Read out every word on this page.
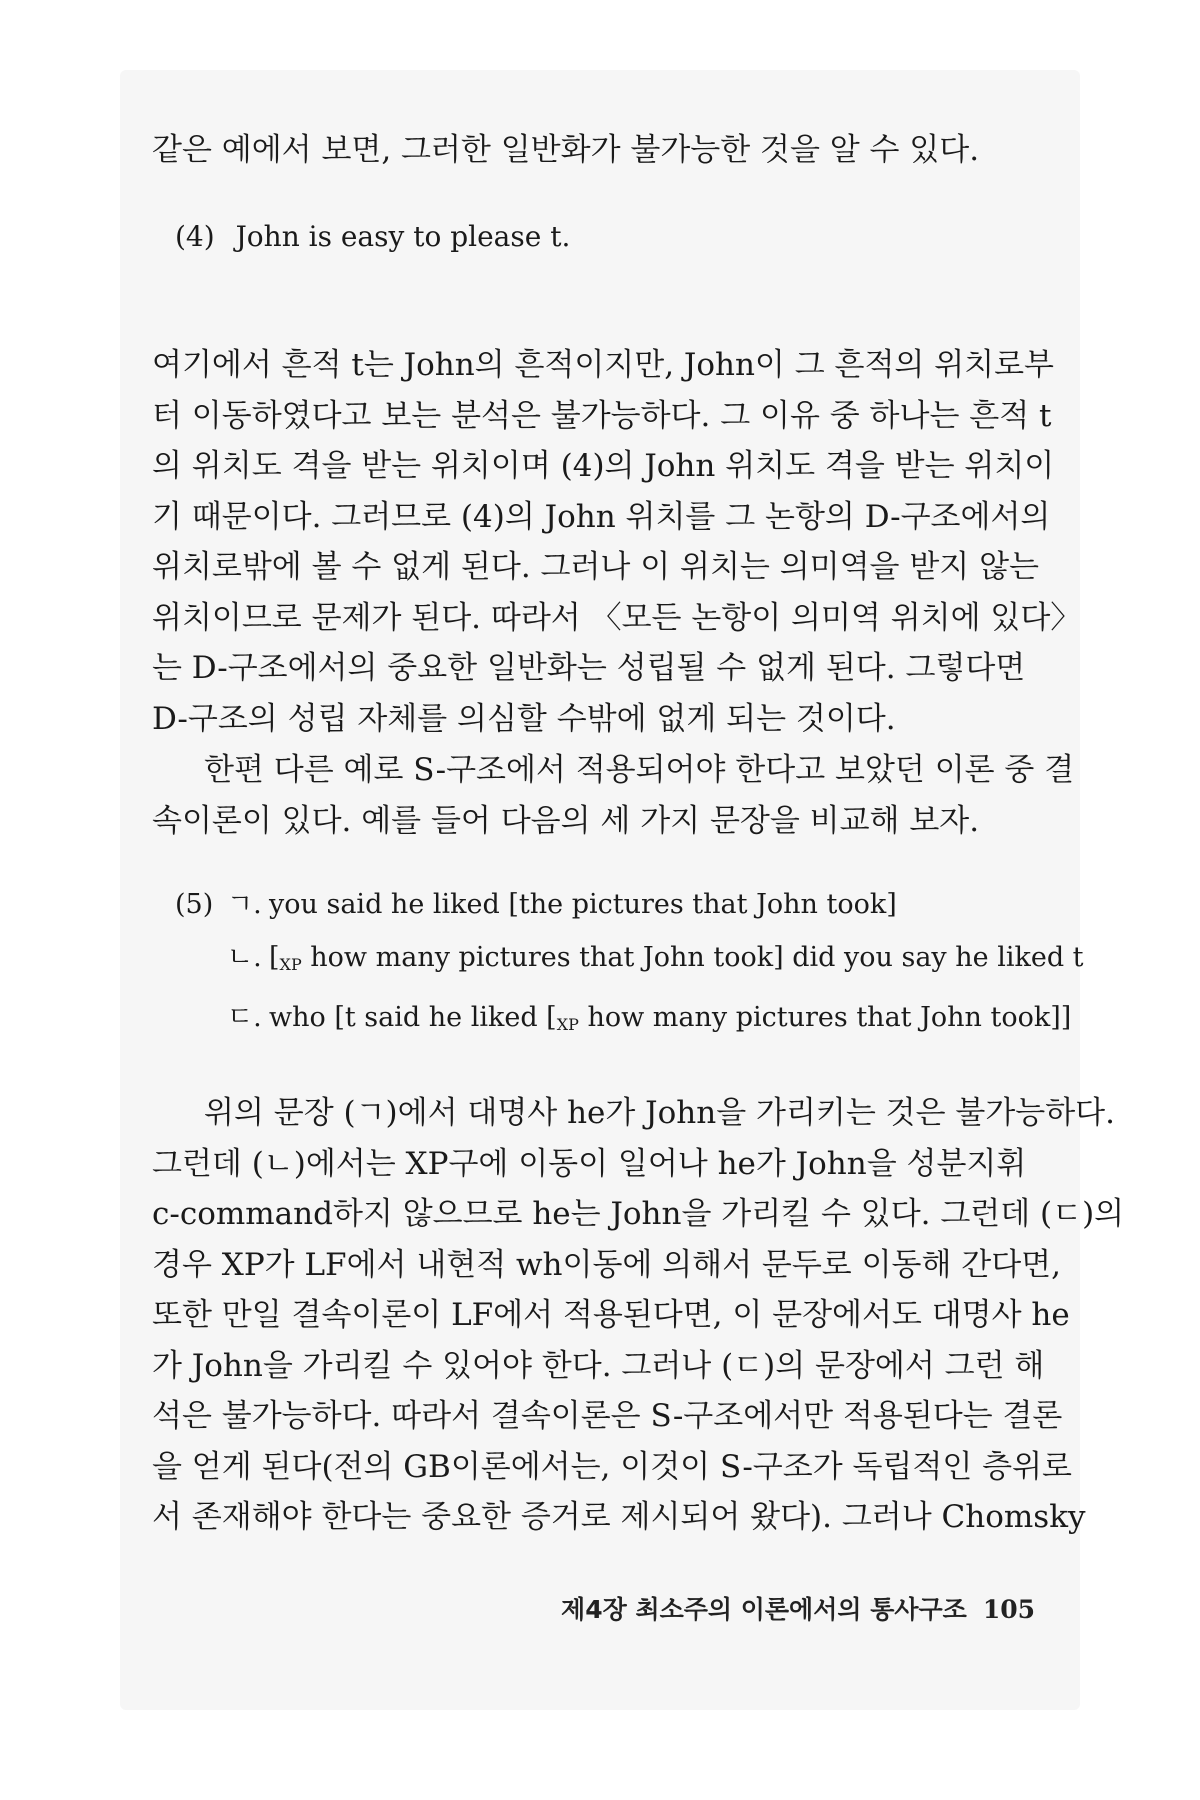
같은 예에서 보면, 그러한 일반화가 불가능한 것을 알 수 있다.

(4) John is easy to please t.

여기에서 흔적 t는 John의 흔적이지만, John이 그 흔적의 위치로부
터 이동하였다고 보는 분석은 불가능하다. 그 이유 중 하나는 흔적 t
의 위치도 격을 받는 위치이며 (4)의 John 위치도 격을 받는 위치이
기 때문이다. 그러므로 (4)의 John 위치를 그 논항의 D-구조에서의
위치로밖에 볼 수 없게 된다. 그러나 이 위치는 의미역을 받지 않는
위치이므로 문제가 된다. 따라서 〈모든 논항이 의미역 위치에 있다〉
는 D-구조에서의 중요한 일반화는 성립될 수 없게 된다. 그렇다면
D-구조의 성립 자체를 의심할 수밖에 없게 되는 것이다.

한편 다른 예로 S-구조에서 적용되어야 한다고 보았던 이론 중 결
속이론이 있다. 예를 들어 다음의 세 가지 문장을 비교해 보자.

(5) ㄱ. you said he liked [the pictures that John took]
ㄴ. [$_{XP}$ how many pictures that John took] did you say he liked t
ㄷ. who [t said he liked [$_{XP}$ how many pictures that John took]]

위의 문장 (ㄱ)에서 대명사 he가 John을 가리키는 것은 불가능하다.
그런데 (ㄴ)에서는 XP구에 이동이 일어나 he가 John을 성분지휘
c-command하지 않으므로 he는 John을 가리킬 수 있다. 그런데 (ㄷ)의
경우 XP가 LF에서 내현적 wh이동에 의해서 문두로 이동해 간다면,
또한 만일 결속이론이 LF에서 적용된다면, 이 문장에서도 대명사 he
가 John을 가리킬 수 있어야 한다. 그러나 (ㄷ)의 문장에서 그런 해
석은 불가능하다. 따라서 결속이론은 S-구조에서만 적용된다는 결론
을 얻게 된다(전의 GB이론에서는, 이것이 S-구조가 독립적인 층위로
서 존재해야 한다는 중요한 증거로 제시되어 왔다). 그러나 Chomsky

제4장 최소주의 이론에서의 통사구조 105
